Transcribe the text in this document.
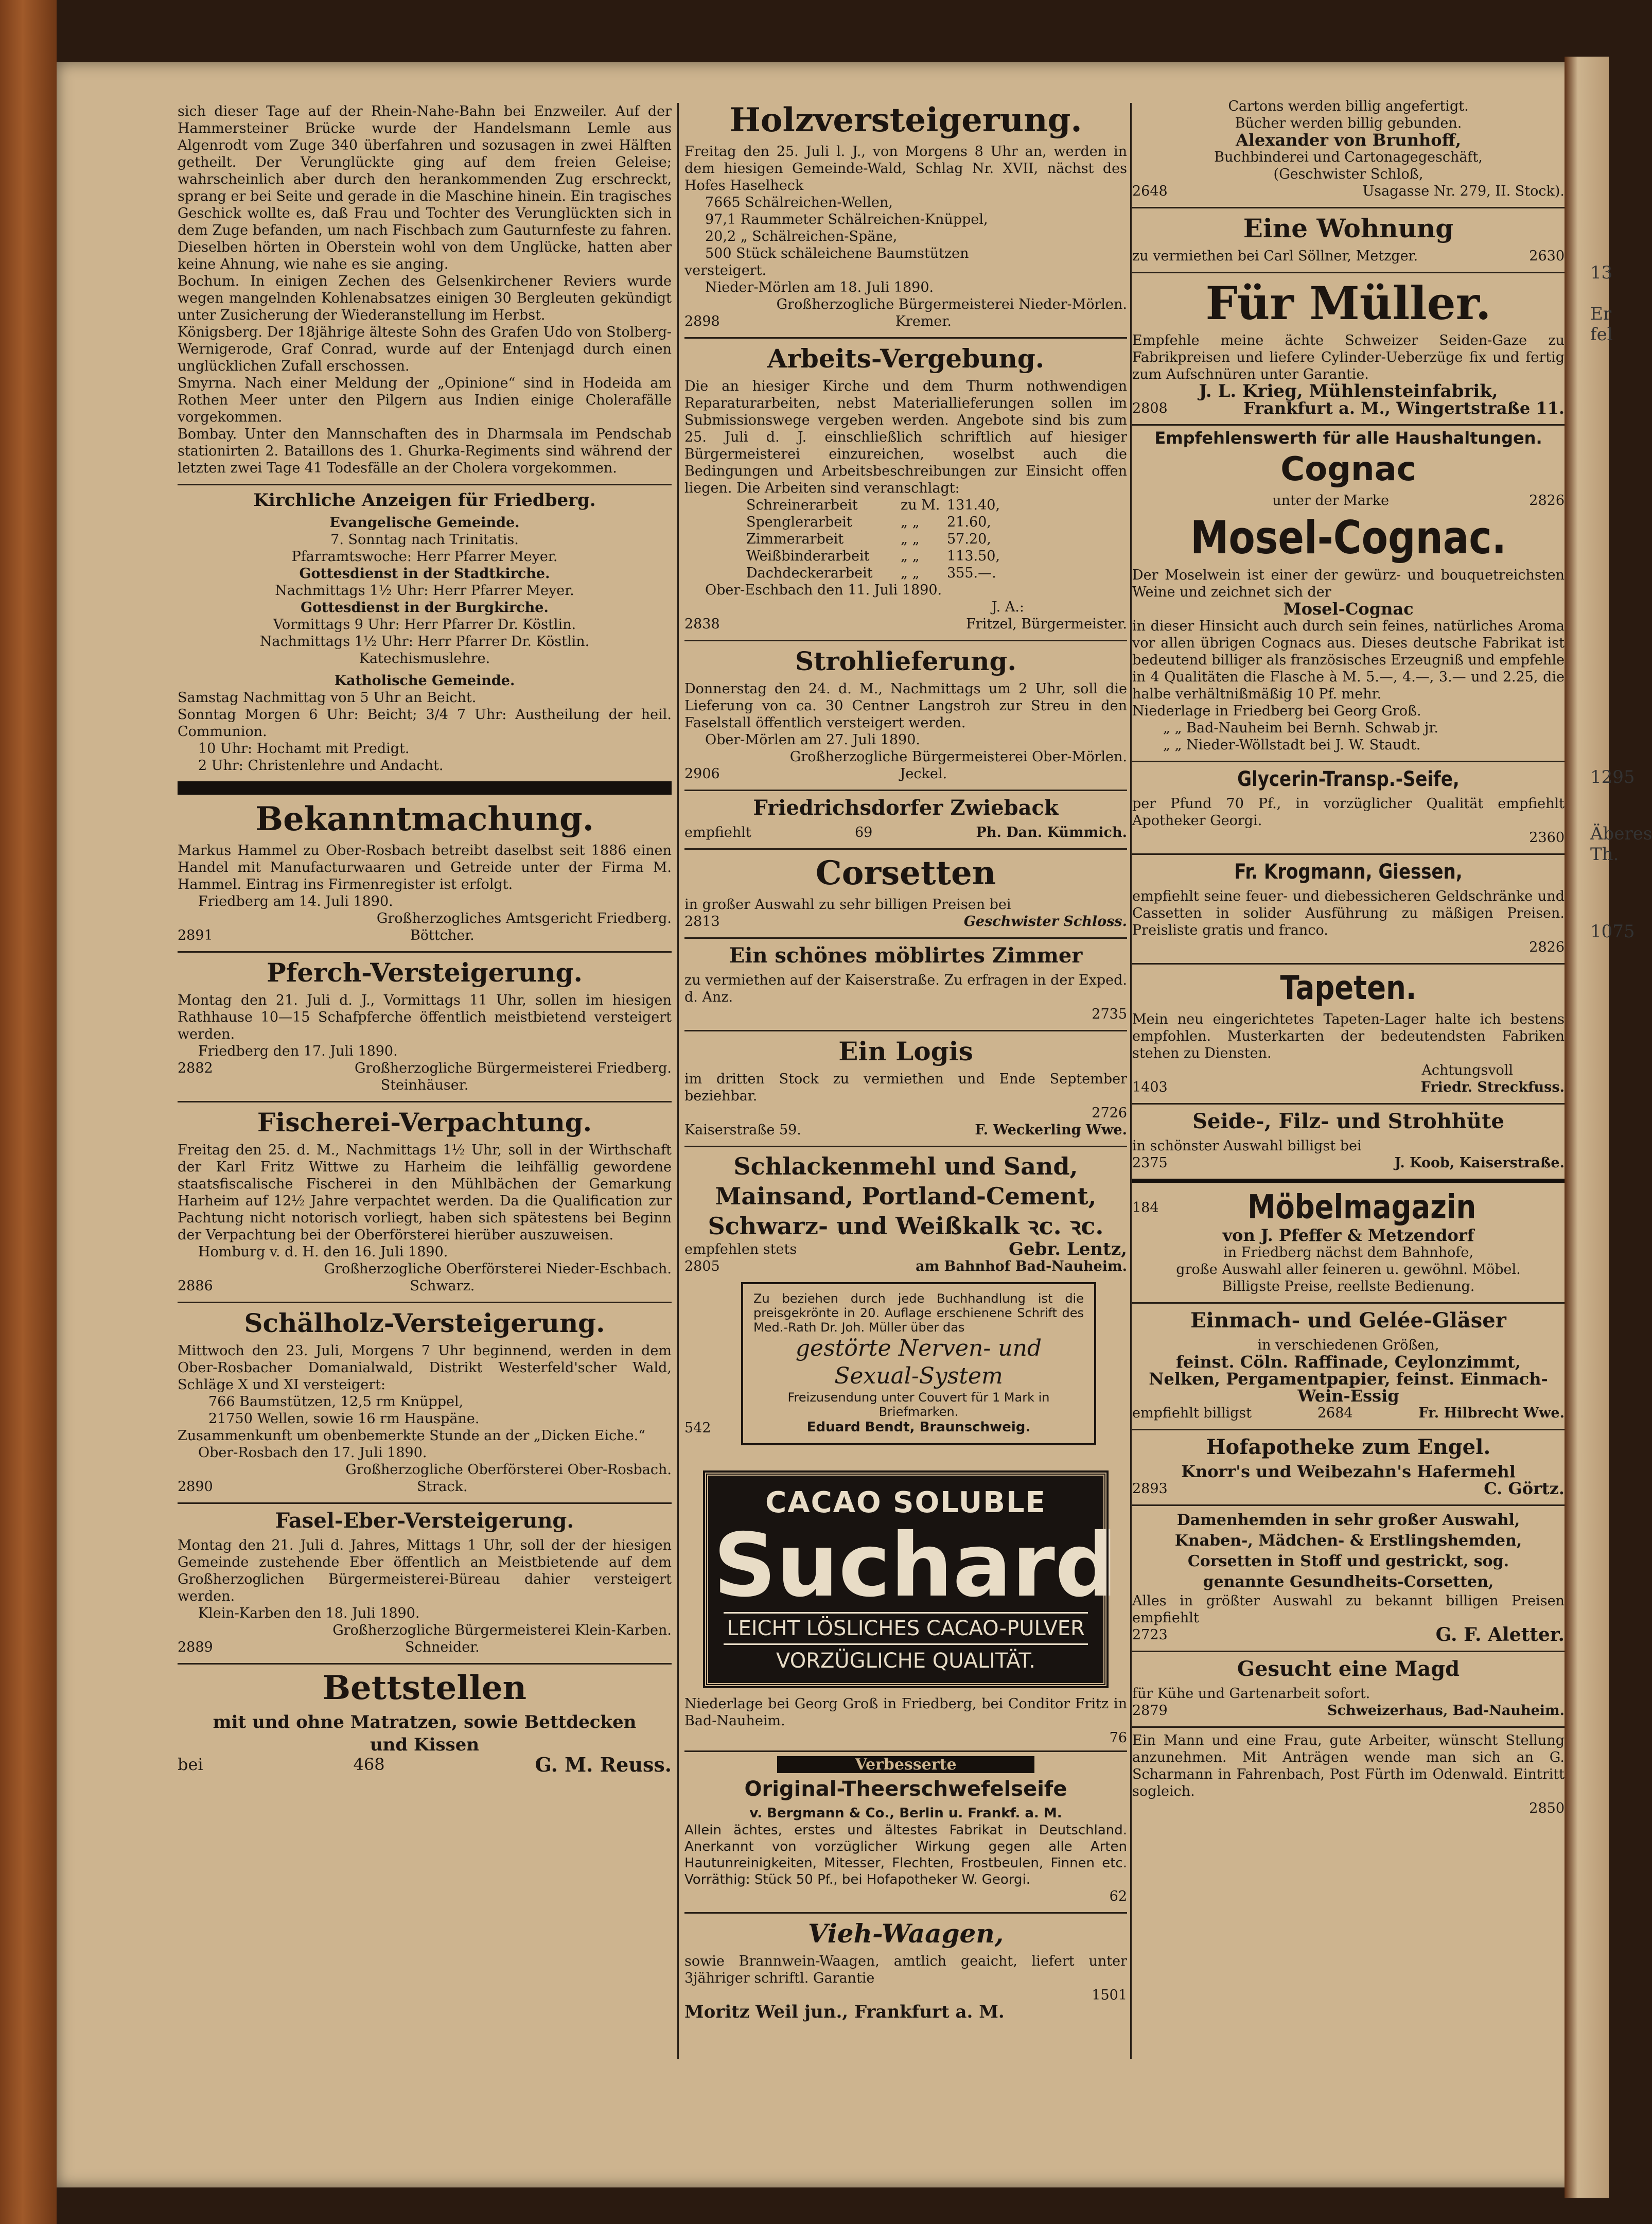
13
Er fel
1295
Äberes
Th.
1075

sich dieser Tage auf der Rhein-Nahe-Bahn bei Enzweiler. Auf der Hammersteiner Brücke wurde der Handelsmann Lemle aus Algenrodt vom Zuge 340 überfahren und sozusagen in zwei Hälften getheilt. Der Verunglückte ging auf dem freien Geleise; wahrscheinlich aber durch den herankommenden Zug erschreckt, sprang er bei Seite und gerade in die Maschine hinein. Ein tragisches Geschick wollte es, daß Frau und Tochter des Verunglückten sich in dem Zuge befanden, um nach Fischbach zum Gauturnfeste zu fahren. Dieselben hörten in Oberstein wohl von dem Unglücke, hatten aber keine Ahnung, wie nahe es sie anging.

Bochum. In einigen Zechen des Gelsenkirchener Reviers wurde wegen mangelnden Kohlenabsatzes einigen 30 Bergleuten gekündigt unter Zusicherung der Wiederanstellung im Herbst.

Königsberg. Der 18jährige älteste Sohn des Grafen Udo von Stolberg-Wernigerode, Graf Conrad, wurde auf der Entenjagd durch einen unglücklichen Zufall erschossen.

Smyrna. Nach einer Meldung der „Opinione“ sind in Hodeida am Rothen Meer unter den Pilgern aus Indien einige Cholerafälle vorgekommen.

Bombay. Unter den Mannschaften des in Dharmsala im Pendschab stationirten 2. Bataillons des 1. Ghurka-Regiments sind während der letzten zwei Tage 41 Todesfälle an der Cholera vorgekommen.

Kirchliche Anzeigen für Friedberg.

Evangelische Gemeinde.

7. Sonntag nach Trinitatis.

Pfarramtswoche: Herr Pfarrer Meyer.

Gottesdienst in der Stadtkirche.

Nachmittags 1½ Uhr: Herr Pfarrer Meyer.

Gottesdienst in der Burgkirche.

Vormittags 9 Uhr: Herr Pfarrer Dr. Köstlin.

Nachmittags 1½ Uhr: Herr Pfarrer Dr. Köstlin.

Katechismuslehre.

Katholische Gemeinde.

Samstag Nachmittag von 5 Uhr an Beicht.

Sonntag Morgen 6 Uhr: Beicht; 3/4 7 Uhr: Austheilung der heil. Communion.

10 Uhr: Hochamt mit Predigt.

2 Uhr: Christenlehre und Andacht.

Bekanntmachung.

Markus Hammel zu Ober-Rosbach betreibt daselbst seit 1886 einen Handel mit Manufacturwaaren und Getreide unter der Firma M. Hammel. Eintrag ins Firmenregister ist erfolgt.

Friedberg am 14. Juli 1890.

Großherzogliches Amtsgericht Friedberg.

2891	Böttcher.
Pferch-Versteigerung.

Montag den 21. Juli d. J., Vormittags 11 Uhr, sollen im hiesigen Rathhause 10—15 Schafpferche öffentlich meistbietend versteigert werden.

Friedberg den 17. Juli 1890.

2882	Großherzogliche Bürgermeisterei Friedberg.

Steinhäuser.

Fischerei-Verpachtung.

Freitag den 25. d. M., Nachmittags 1½ Uhr, soll in der Wirthschaft der Karl Fritz Wittwe zu Harheim die leihfällig gewordene staatsfiscalische Fischerei in den Mühlbächen der Gemarkung Harheim auf 12½ Jahre verpachtet werden. Da die Qualification zur Pachtung nicht notorisch vorliegt, haben sich spätestens bei Beginn der Verpachtung bei der Oberförsterei hierüber auszuweisen.

Homburg v. d. H. den 16. Juli 1890.

Großherzogliche Oberförsterei Nieder-Eschbach.

2886	Schwarz.
Schälholz-Versteigerung.

Mittwoch den 23. Juli, Morgens 7 Uhr beginnend, werden in dem Ober-Rosbacher Domanialwald, Distrikt Westerfeld'scher Wald, Schläge X und XI versteigert:

766 Baumstützen, 12,5 rm Knüppel,

21750 Wellen, sowie 16 rm Hauspäne.

Zusammenkunft um obenbemerkte Stunde an der „Dicken Eiche.“

Ober-Rosbach den 17. Juli 1890.

Großherzogliche Oberförsterei Ober-Rosbach.

2890	Strack.
Fasel-Eber-Versteigerung.

Montag den 21. Juli d. Jahres, Mittags 1 Uhr, soll der der hiesigen Gemeinde zustehende Eber öffentlich an Meistbietende auf dem Großherzoglichen Bürgermeisterei-Büreau dahier versteigert werden.

Klein-Karben den 18. Juli 1890.

Großherzogliche Bürgermeisterei Klein-Karben.

2889	Schneider.
Bettstellen

mit und ohne Matratzen, sowie Bettdecken

und Kissen

bei	468	G. M. Reuss.
Holzversteigerung.

Freitag den 25. Juli l. J., von Morgens 8 Uhr an, werden in dem hiesigen Gemeinde-Wald, Schlag Nr. XVII, nächst des Hofes Haselheck

7665 Schälreichen-Wellen,

97,1 Raummeter Schälreichen-Knüppel,

20,2 „ Schälreichen-Späne,

500 Stück schäleichene Baumstützen

versteigert.

Nieder-Mörlen am 18. Juli 1890.

Großherzogliche Bürgermeisterei Nieder-Mörlen.

2898	Kremer.
Arbeits-Vergebung.

Die an hiesiger Kirche und dem Thurm nothwendigen Reparaturarbeiten, nebst Materiallieferungen sollen im Submissionswege vergeben werden. Angebote sind bis zum 25. Juli d. J. einschließlich schriftlich auf hiesiger Bürgermeisterei einzureichen, woselbst auch die Bedingungen und Arbeitsbeschreibungen zur Einsicht offen liegen. Die Arbeiten sind veranschlagt:

Schreinerarbeit	zu M. 131.40,
Spenglerarbeit	„ „	21.60,
Zimmerarbeit	„ „	57.20,
Weißbinderarbeit	„ „	113.50,
Dachdeckerarbeit	„ „	355.—.

Ober-Eschbach den 11. Juli 1890.

J. A.:

2838	Fritzel, Bürgermeister.
Strohlieferung.

Donnerstag den 24. d. M., Nachmittags um 2 Uhr, soll die Lieferung von ca. 30 Centner Langstroh zur Streu in den Faselstall öffentlich versteigert werden.

Ober-Mörlen am 27. Juli 1890.

Großherzogliche Bürgermeisterei Ober-Mörlen.

2906	Jeckel.
Friedrichsdorfer Zwieback
empfiehlt	69	Ph. Dan. Kümmich.
Corsetten

in großer Auswahl zu sehr billigen Preisen bei

2813	Geschwister Schloss.
Ein schönes möblirtes Zimmer

zu vermiethen auf der Kaiserstraße. Zu erfragen in der Exped. d. Anz.

2735

Ein Logis

im dritten Stock zu vermiethen und Ende September beziehbar.

2726

Kaiserstraße 59.	F. Weckerling Wwe.

Schlackenmehl und Sand,

Mainsand, Portland-Cement,

Schwarz- und Weißkalk ꝛc. ꝛc.

empfehlen stets	Gebr. Lentz,
2805	am Bahnhof Bad-Nauheim.

Zu beziehen durch jede Buchhandlung ist die preisgekrönte in 20. Auflage erschienene Schrift des Med.-Rath Dr. Joh. Müller über das

gestörte Nerven- und

Sexual-System

Freizusendung unter Couvert für 1 Mark in Briefmarken.

Eduard Bendt, Braunschweig.

542

CACAO SOLUBLE
Suchard
LEICHT LÖSLICHES CACAO-PULVER
VORZÜGLICHE QUALITÄT.

Niederlage bei Georg Groß in Friedberg, bei Conditor Fritz in Bad-Nauheim.

76

Verbesserte

Original-Theerschwefelseife

v. Bergmann & Co., Berlin u. Frankf. a. M.

Allein ächtes, erstes und ältestes Fabrikat in Deutschland. Anerkannt von vorzüglicher Wirkung gegen alle Arten Hautunreinigkeiten, Mitesser, Flechten, Frostbeulen, Finnen etc. Vorräthig: Stück 50 Pf., bei Hofapotheker W. Georgi.

62

Vieh-Waagen,

sowie Brannwein-Waagen, amtlich geaicht, liefert unter 3jähriger schriftl. Garantie

1501

Moritz Weil jun., Frankfurt a. M.

Cartons werden billig angefertigt.

Bücher werden billig gebunden.

Alexander von Brunhoff,

Buchbinderei und Cartonagegeschäft,

(Geschwister Schloß,

2648	Usagasse Nr. 279, II. Stock).
Eine Wohnung
zu vermiethen bei Carl Söllner, Metzger.	2630
Für Müller.

Empfehle meine ächte Schweizer Seiden-Gaze zu Fabrikpreisen und liefere Cylinder-Ueberzüge fix und fertig zum Aufschnüren unter Garantie.

J. L. Krieg, Mühlensteinfabrik,

2808	Frankfurt a. M., Wingertstraße 11.

Empfehlenswerth für alle Haushaltungen.

Cognac
unter der Marke	2826
Mosel-Cognac.

Der Moselwein ist einer der gewürz- und bouquetreichsten Weine und zeichnet sich der

Mosel-Cognac

in dieser Hinsicht auch durch sein feines, natürliches Aroma vor allen übrigen Cognacs aus. Dieses deutsche Fabrikat ist bedeutend billiger als französisches Erzeugniß und empfehle in 4 Qualitäten die Flasche à M. 5.—, 4.—, 3.— und 2.25, die halbe verhältnißmäßig 10 Pf. mehr.

Niederlage in Friedberg bei Georg Groß.

„ „ Bad-Nauheim bei Bernh. Schwab jr.

„ „ Nieder-Wöllstadt bei J. W. Staudt.

Glycerin-Transp.-Seife,

per Pfund 70 Pf., in vorzüglicher Qualität empfiehlt Apotheker Georgi.

2360

Fr. Krogmann, Giessen,

empfiehlt seine feuer- und diebessicheren Geldschränke und Cassetten in solider Ausführung zu mäßigen Preisen. Preisliste gratis und franco.

2826

Tapeten.

Mein neu eingerichtetes Tapeten-Lager halte ich bestens empfohlen. Musterkarten der bedeutendsten Fabriken stehen zu Diensten.

Achtungsvoll

1403	Friedr. Streckfuss.
Seide-, Filz- und Strohhüte

in schönster Auswahl billigst bei

2375	J. Koob, Kaiserstraße.
184	Möbelmagazin

von J. Pfeffer & Metzendorf

in Friedberg nächst dem Bahnhofe,

große Auswahl aller feineren u. gewöhnl. Möbel.

Billigste Preise, reellste Bedienung.

Einmach- und Gelée-Gläser

in verschiedenen Größen,

feinst. Cöln. Raffinade, Ceylonzimmt,

Nelken, Pergamentpapier, feinst. Einmach-Wein-Essig

empfiehlt billigst	2684	Fr. Hilbrecht Wwe.
Hofapotheke zum Engel.

Knorr's und Weibezahn's Hafermehl

2893	C. Görtz.

Damenhemden in sehr großer Auswahl,

Knaben-, Mädchen- & Erstlingshemden,

Corsetten in Stoff und gestrickt, sog.

genannte Gesundheits-Corsetten,

Alles in größter Auswahl zu bekannt billigen Preisen empfiehlt

2723	G. F. Aletter.
Gesucht eine Magd

für Kühe und Gartenarbeit sofort.

2879	Schweizerhaus, Bad-Nauheim.

Ein Mann und eine Frau, gute Arbeiter, wünscht Stellung anzunehmen. Mit Anträgen wende man sich an G. Scharmann in Fahrenbach, Post Fürth im Odenwald. Eintritt sogleich.

2850
